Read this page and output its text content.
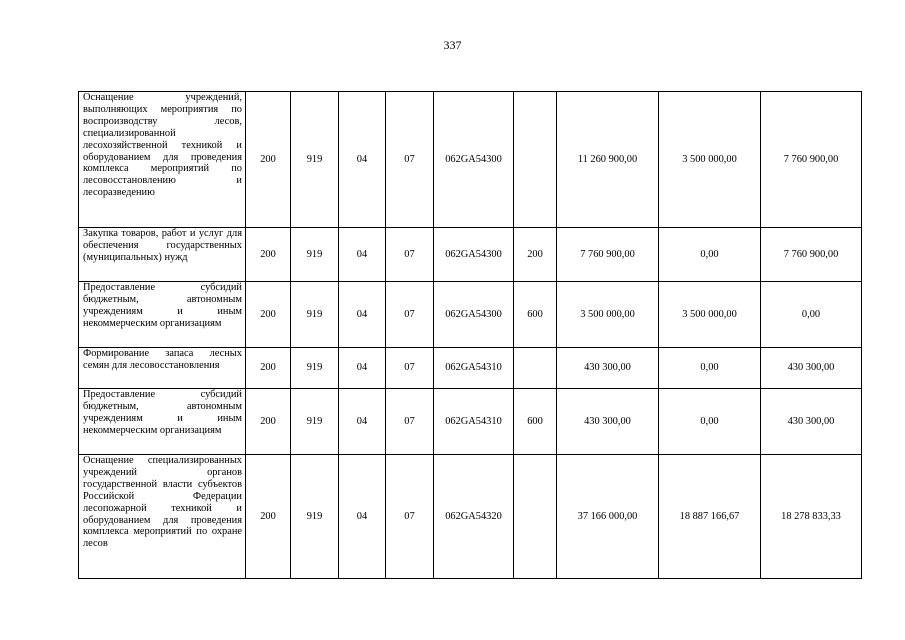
337
Оснащение учреждений, выполняющих мероприятия по воспроизводству лесов, специализированной лесохозяйственной техникой и оборудованием для проведения комплекса мероприятий по лесовосстановлению и лесоразведению	200	919	04	07	062GA54300		11 260 900,00	3 500 000,00	7 760 900,00

Закупка товаров, работ и услуг для обеспечения государственных (муниципальных) нужд	200	919	04	07	062GA54300	200	7 760 900,00	0,00	7 760 900,00

Предоставление субсидий бюджетным, автономным учреждениям и иным некоммерческим организациям	200	919	04	07	062GA54300	600	3 500 000,00	3 500 000,00	0,00

Формирование запаса лесных семян для лесовосстановления	200	919	04	07	062GA54310		430 300,00	0,00	430 300,00

Предоставление субсидий бюджетным, автономным учреждениям и иным некоммерческим организациям	200	919	04	07	062GA54310	600	430 300,00	0,00	430 300,00

Оснащение специализированных учреждений органов государственной власти субъектов Российской Федерации лесопожарной техникой и оборудованием для проведения комплекса мероприятий по охране лесов	200	919	04	07	062GA54320		37 166 000,00	18 887 166,67	18 278 833,33
